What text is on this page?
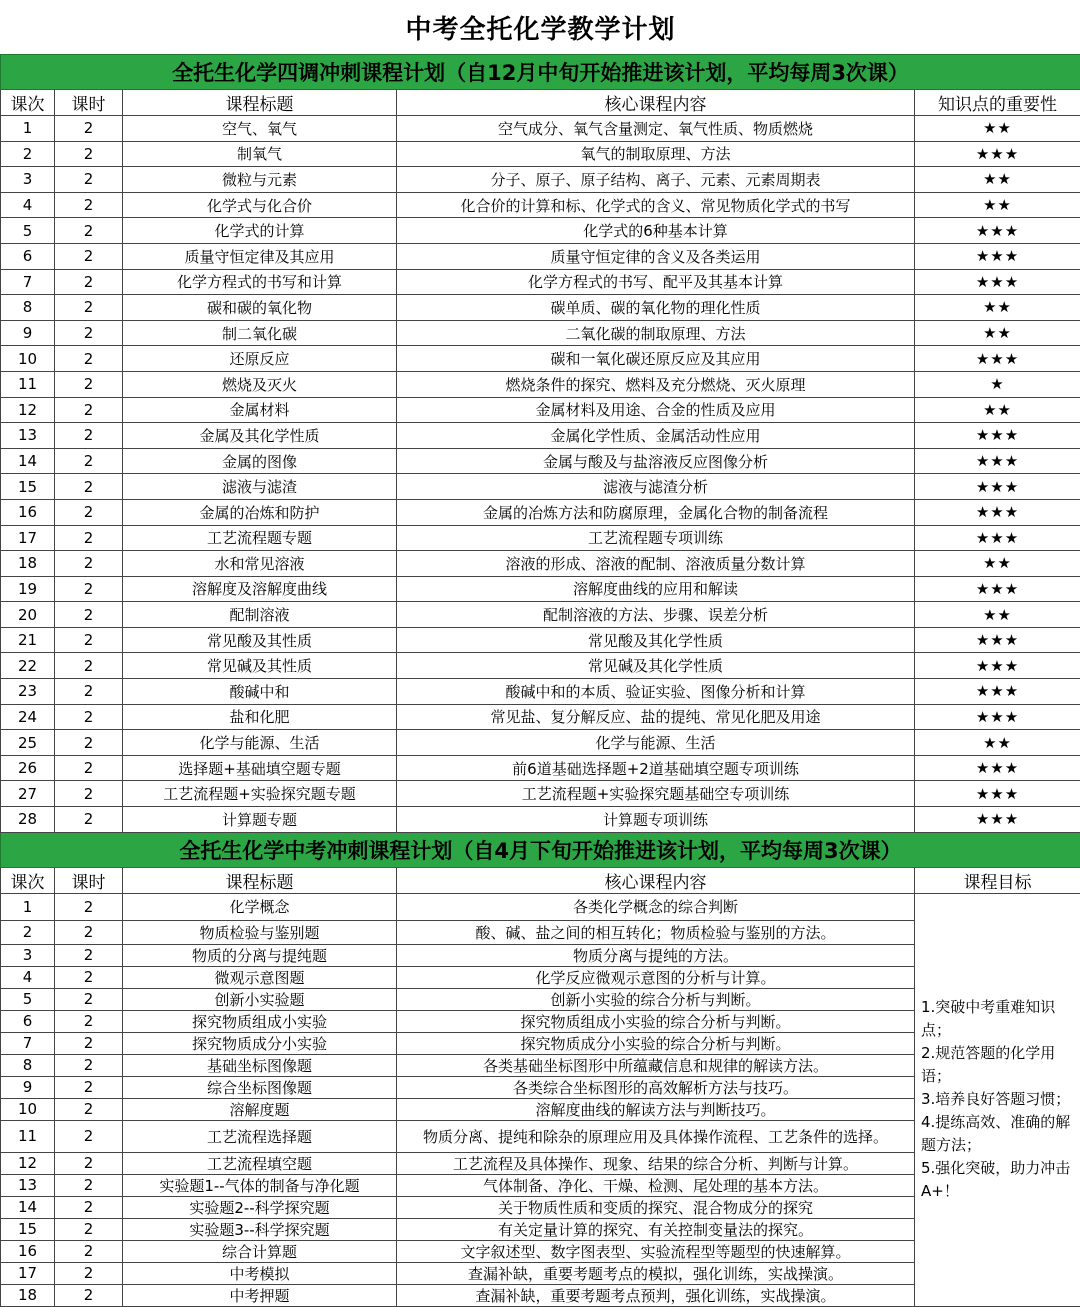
中考全托化学教学计划				
全托生化学四调冲刺课程计划（自12月中旬开始推进该计划，平均每周3次课）				
课次	课时	课程标题	核心课程内容	知识点的重要性
1	2	空气、氧气	空气成分、氧气含量测定、氧气性质、物质燃烧	★★
2	2	制氧气	氧气的制取原理、方法	★★★
3	2	微粒与元素	分子、原子、原子结构、离子、元素、元素周期表	★★
4	2	化学式与化合价	化合价的计算和标、化学式的含义、常见物质化学式的书写	★★
5	2	化学式的计算	化学式的6种基本计算	★★★
6	2	质量守恒定律及其应用	质量守恒定律的含义及各类运用	★★★
7	2	化学方程式的书写和计算	化学方程式的书写、配平及其基本计算	★★★
8	2	碳和碳的氧化物	碳单质、碳的氧化物的理化性质	★★
9	2	制二氧化碳	二氧化碳的制取原理、方法	★★
10	2	还原反应	碳和一氧化碳还原反应及其应用	★★★
11	2	燃烧及灭火	燃烧条件的探究、燃料及充分燃烧、灭火原理	★
12	2	金属材料	金属材料及用途、合金的性质及应用	★★
13	2	金属及其化学性质	金属化学性质、金属活动性应用	★★★
14	2	金属的图像	金属与酸及与盐溶液反应图像分析	★★★
15	2	滤液与滤渣	滤液与滤渣分析	★★★
16	2	金属的冶炼和防护	金属的冶炼方法和防腐原理，金属化合物的制备流程	★★★
17	2	工艺流程题专题	工艺流程题专项训练	★★★
18	2	水和常见溶液	溶液的形成、溶液的配制、溶液质量分数计算	★★
19	2	溶解度及溶解度曲线	溶解度曲线的应用和解读	★★★
20	2	配制溶液	配制溶液的方法、步骤、误差分析	★★
21	2	常见酸及其性质	常见酸及其化学性质	★★★
22	2	常见碱及其性质	常见碱及其化学性质	★★★
23	2	酸碱中和	酸碱中和的本质、验证实验、图像分析和计算	★★★
24	2	盐和化肥	常见盐、复分解反应、盐的提纯、常见化肥及用途	★★★
25	2	化学与能源、生活	化学与能源、生活	★★
26	2	选择题+基础填空题专题	前6道基础选择题+2道基础填空题专项训练	★★★
27	2	工艺流程题+实验探究题专题	工艺流程题+实验探究题基础空专项训练	★★★
28	2	计算题专题	计算题专项训练	★★★
全托生化学中考冲刺课程计划（自4月下旬开始推进该计划，平均每周3次课）				
课次	课时	课程标题	核心课程内容	课程目标
1	2	化学概念	各类化学概念的综合判断	1.突破中考重难知识点；
2.规范答题的化学用语；
3.培养良好答题习惯；
4.提练高效、准确的解题方法；
5.强化突破，助力冲击A+！

2	2	物质检验与鉴别题	酸、碱、盐之间的相互转化；物质检验与鉴别的方法。	
3	2	物质的分离与提纯题	物质分离与提纯的方法。	
4	2	微观示意图题	化学反应微观示意图的分析与计算。	
5	2	创新小实验题	创新小实验的综合分析与判断。	
6	2	探究物质组成小实验	探究物质组成小实验的综合分析与判断。	
7	2	探究物质成分小实验	探究物质成分小实验的综合分析与判断。	
8	2	基础坐标图像题	各类基础坐标图形中所蕴藏信息和规律的解读方法。	
9	2	综合坐标图像题	各类综合坐标图形的高效解析方法与技巧。	
10	2	溶解度题	溶解度曲线的解读方法与判断技巧。	
11	2	工艺流程选择题	物质分离、提纯和除杂的原理应用及具体操作流程、工艺条件的选择。	
12	2	工艺流程填空题	工艺流程及具体操作、现象、结果的综合分析、判断与计算。	
13	2	实验题1--气体的制备与净化题	气体制备、净化、干燥、检测、尾处理的基本方法。	
14	2	实验题2--科学探究题	关于物质性质和变质的探究、混合物成分的探究	
15	2	实验题3--科学探究题	有关定量计算的探究、有关控制变量法的探究。	
16	2	综合计算题	文字叙述型、数字图表型、实验流程型等题型的快速解算。	
17	2	中考模拟	查漏补缺，重要考题考点的模拟，强化训练，实战操演。	
18	2	中考押题	查漏补缺，重要考题考点预判，强化训练，实战操演。	
